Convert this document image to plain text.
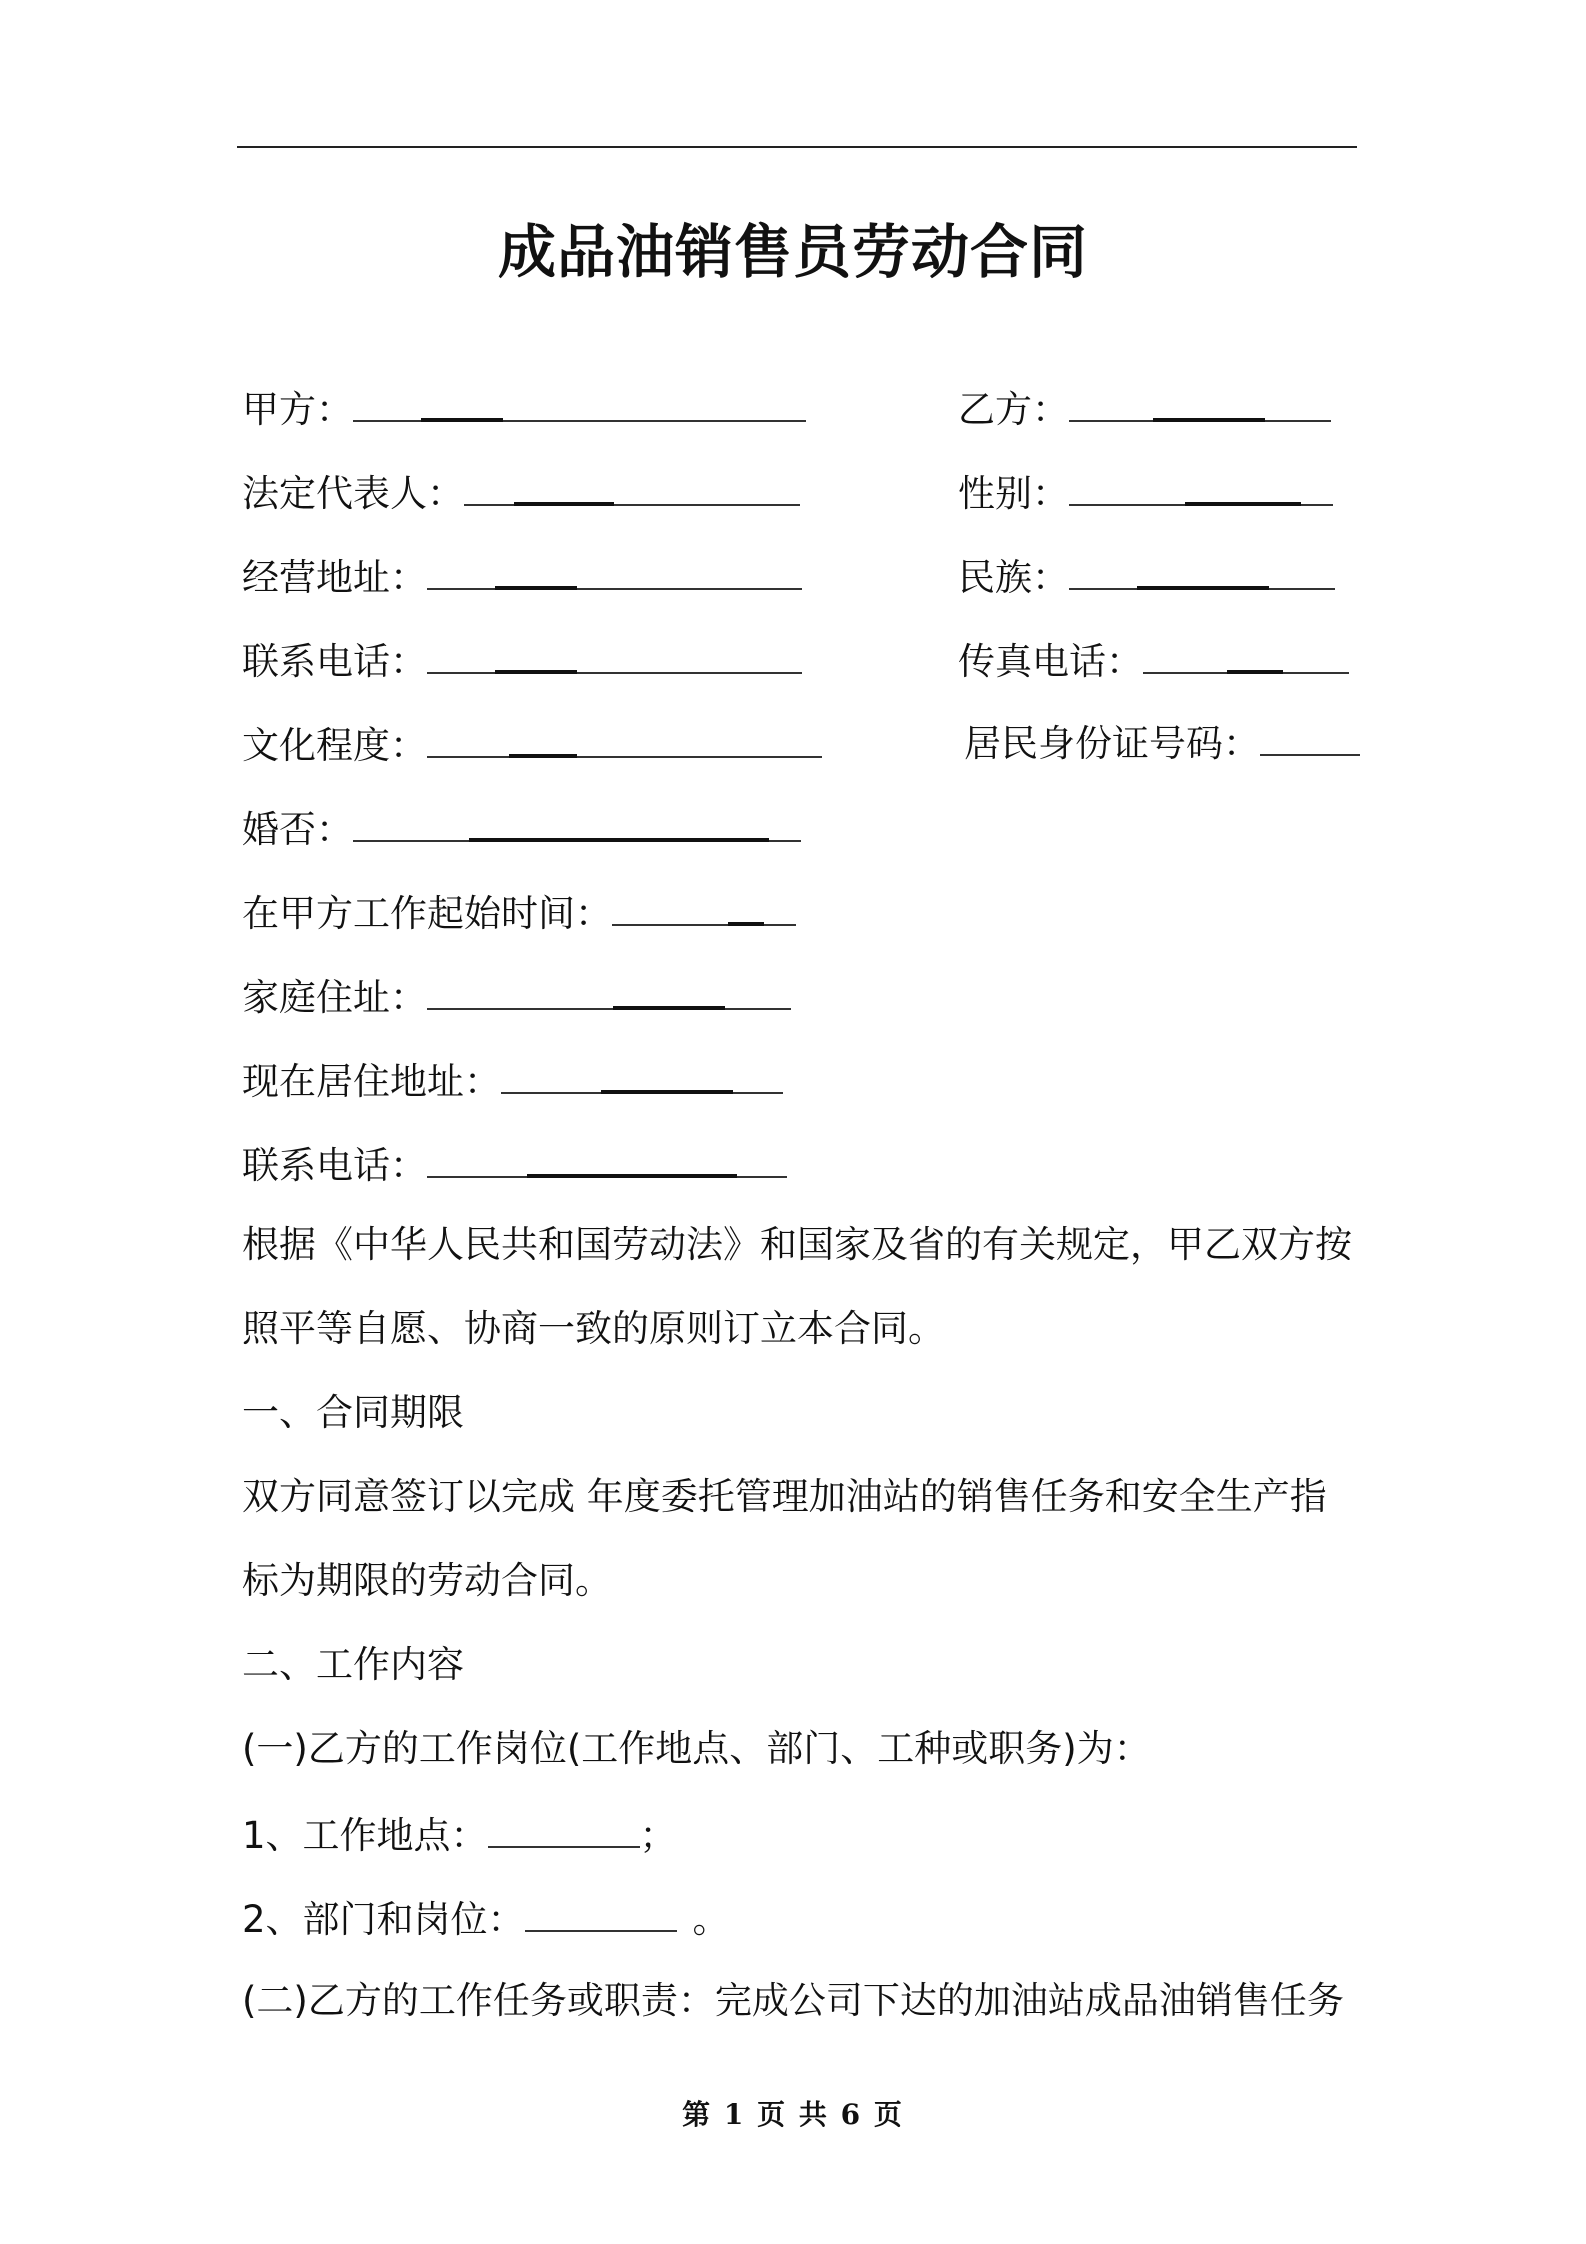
成品油销售员劳动合同
甲方：
法定代表人：
经营地址：
联系电话：
文化程度：
婚否：
在甲方工作起始时间：
家庭住址：
现在居住地址：
联系电话：
乙方：
性别：
民族：
传真电话：
居民身份证号码：
根据《中华人民共和国劳动法》和国家及省的有关规定，甲乙双方按
照平等自愿、协商一致的原则订立本合同。
一、合同期限
双方同意签订以完成 年度委托管理加油站的销售任务和安全生产指
标为期限的劳动合同。
二、工作内容
(一)乙方的工作岗位(工作地点、部门、工种或职务)为：
1、工作地点：	；
2、部门和岗位：	。
(二)乙方的工作任务或职责：完成公司下达的加油站成品油销售任务
第 1 页 共 6 页
